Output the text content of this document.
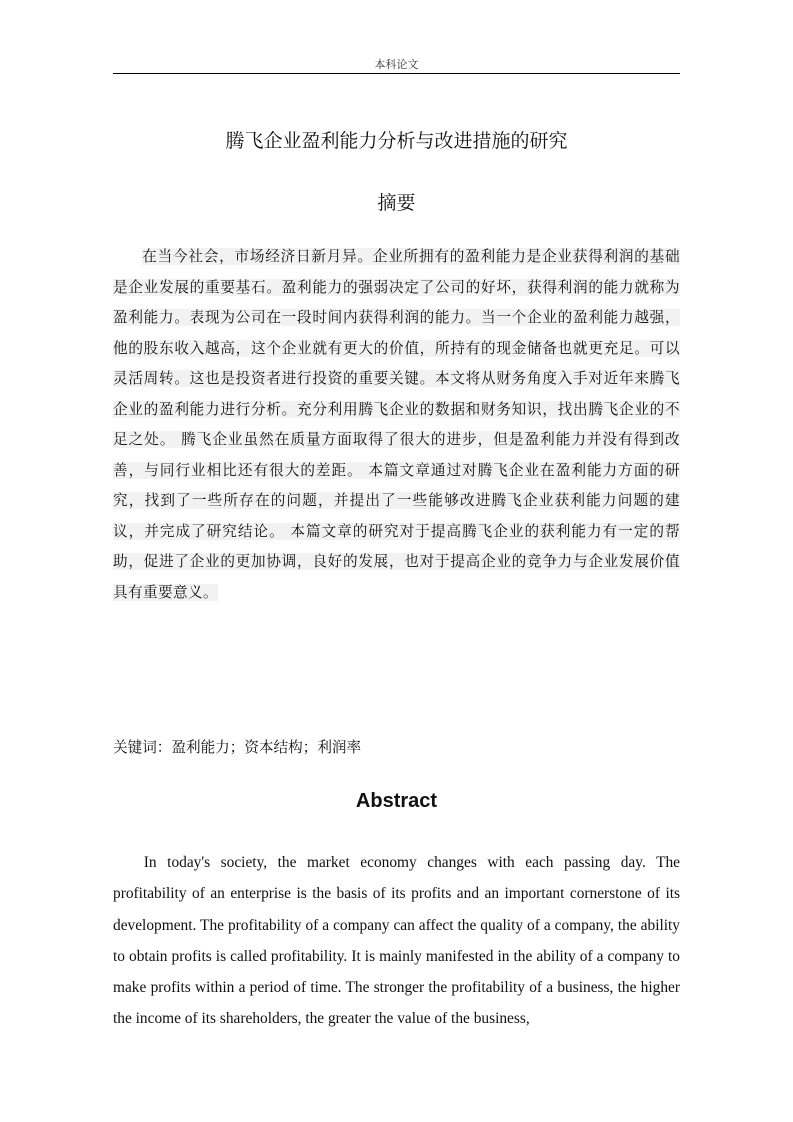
本科论文
腾飞企业盈利能力分析与改进措施的研究
摘要
在当今社会，市场经济日新月异。企业所拥有的盈利能力是企业获得利润的基础是企业发展的重要基石。盈利能力的强弱决定了公司的好坏，获得利润的能力就称为盈利能力。表现为公司在一段时间内获得利润的能力。当一个企业的盈利能力越强，他的股东收入越高，这个企业就有更大的价值，所持有的现金储备也就更充足。可以灵活周转。这也是投资者进行投资的重要关键。本文将从财务角度入手对近年来腾飞企业的盈利能力进行分析。充分利用腾飞企业的数据和财务知识，找出腾飞企业的不足之处。 腾飞企业虽然在质量方面取得了很大的进步，但是盈利能力并没有得到改善，与同行业相比还有很大的差距。 本篇文章通过对腾飞企业在盈利能力方面的研究，找到了一些所存在的问题，并提出了一些能够改进腾飞企业获利能力问题的建议，并完成了研究结论。 本篇文章的研究对于提高腾飞企业的获利能力有一定的帮助，促进了企业的更加协调，良好的发展，也对于提高企业的竞争力与企业发展价值具有重要意义。
关键词：盈利能力；资本结构；利润率
Abstract
In today's society, the market economy changes with each passing day. The profitability of an enterprise is the basis of its profits and an important cornerstone of its development. The profitability of a company can affect the quality of a company, the ability to obtain profits is called profitability. It is mainly manifested in the ability of a company to make profits within a period of time. The stronger the profitability of a business, the higher the income of its shareholders, the greater the value of the business,
